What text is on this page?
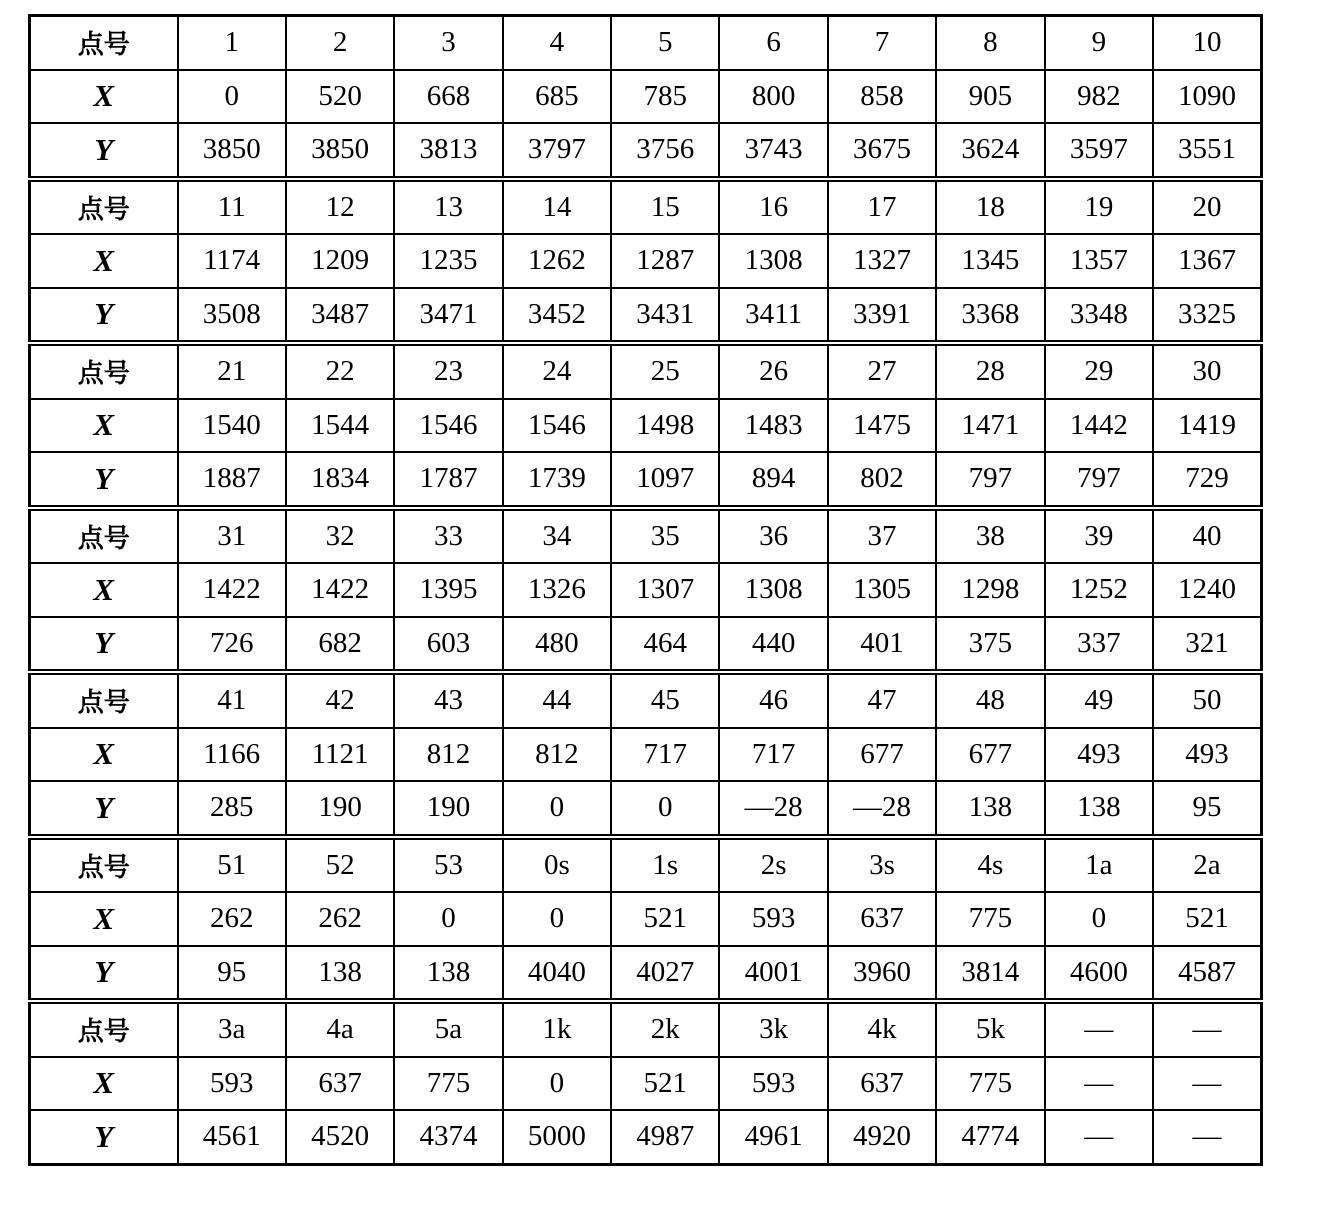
点号	1	2	3	4	5	6	7	8	9	10
X	0	520	668	685	785	800	858	905	982	1090
Y	3850	3850	3813	3797	3756	3743	3675	3624	3597	3551
点号	11	12	13	14	15	16	17	18	19	20
X	1174	1209	1235	1262	1287	1308	1327	1345	1357	1367
Y	3508	3487	3471	3452	3431	3411	3391	3368	3348	3325
点号	21	22	23	24	25	26	27	28	29	30
X	1540	1544	1546	1546	1498	1483	1475	1471	1442	1419
Y	1887	1834	1787	1739	1097	894	802	797	797	729
点号	31	32	33	34	35	36	37	38	39	40
X	1422	1422	1395	1326	1307	1308	1305	1298	1252	1240
Y	726	682	603	480	464	440	401	375	337	321
点号	41	42	43	44	45	46	47	48	49	50
X	1166	1121	812	812	717	717	677	677	493	493
Y	285	190	190	0	0	—28	—28	138	138	95
点号	51	52	53	0s	1s	2s	3s	4s	1a	2a
X	262	262	0	0	521	593	637	775	0	521
Y	95	138	138	4040	4027	4001	3960	3814	4600	4587
点号	3a	4a	5a	1k	2k	3k	4k	5k	—	—
X	593	637	775	0	521	593	637	775	—	—
Y	4561	4520	4374	5000	4987	4961	4920	4774	—	—
